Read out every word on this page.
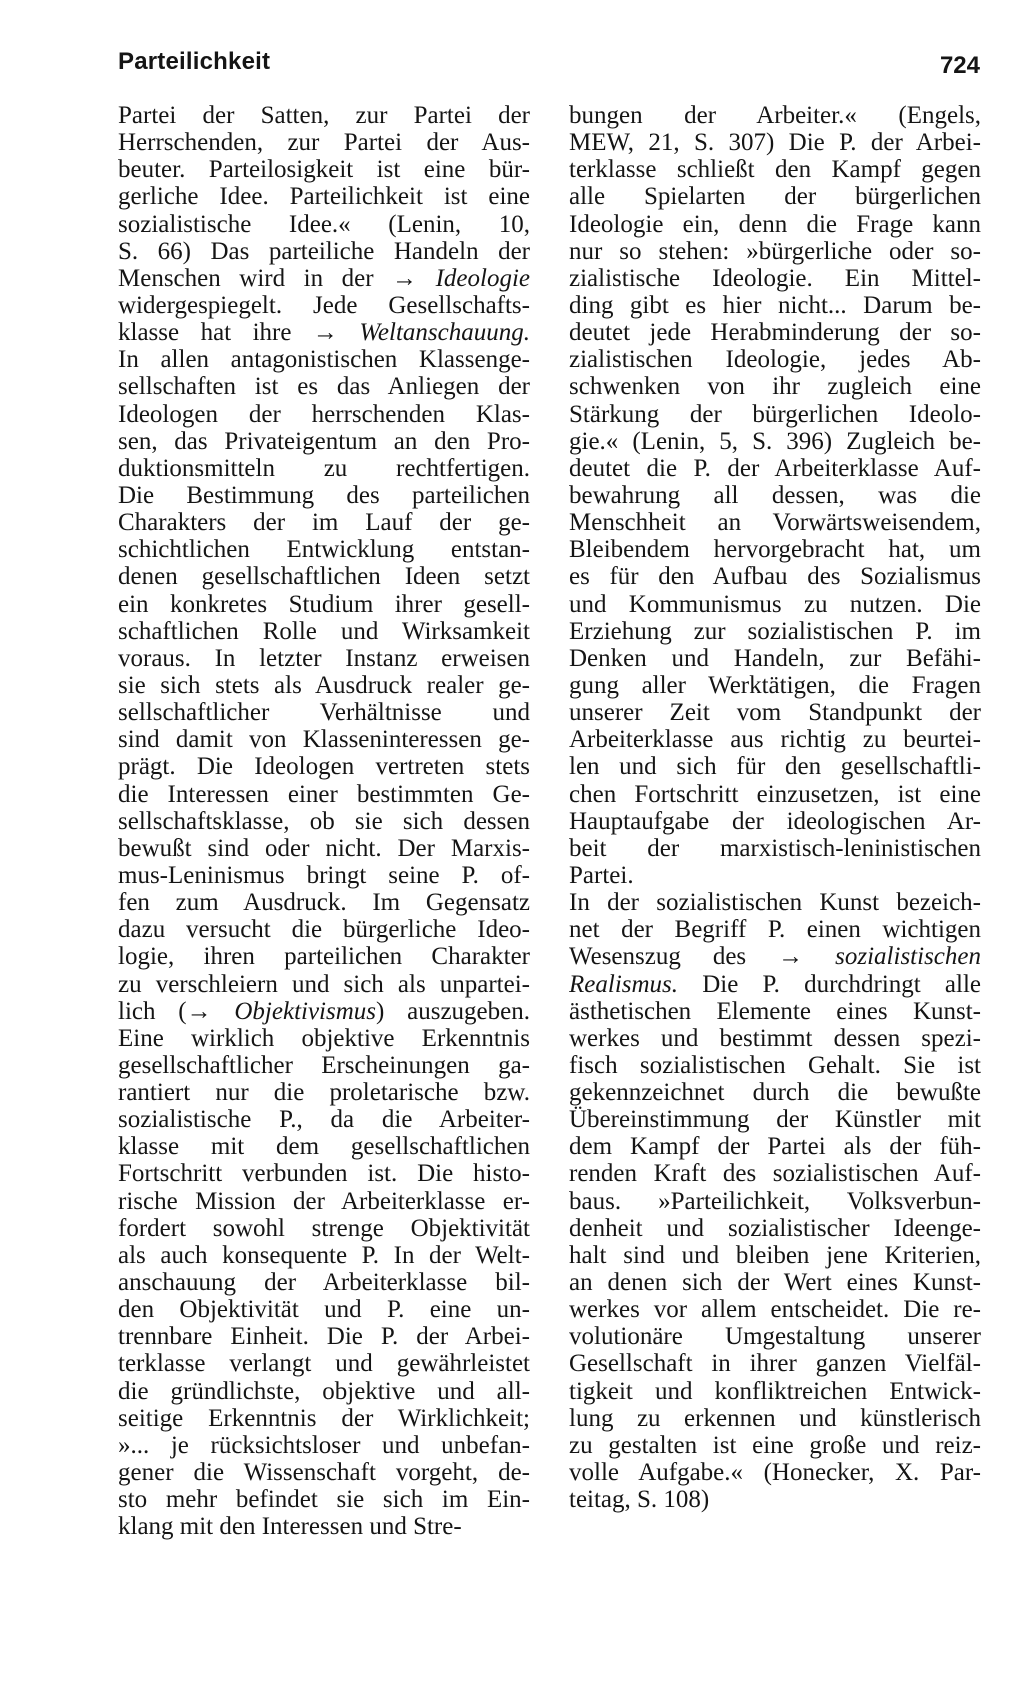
Parteilichkeit	724
Partei der Satten, zur Partei der
Herrschenden, zur Partei der Aus-
beuter. Parteilosigkeit ist eine bür-
gerliche Idee. Parteilichkeit ist eine
sozialistische Idee.« (Lenin, 10,
S. 66) Das parteiliche Handeln der
Menschen wird in der → Ideologie
widergespiegelt. Jede Gesellschafts-
klasse hat ihre → Weltanschauung.
In allen antagonistischen Klassenge-
sellschaften ist es das Anliegen der
Ideologen der herrschenden Klas-
sen, das Privateigentum an den Pro-
duktionsmitteln zu rechtfertigen.
Die Bestimmung des parteilichen
Charakters der im Lauf der ge-
schichtlichen Entwicklung entstan-
denen gesellschaftlichen Ideen setzt
ein konkretes Studium ihrer gesell-
schaftlichen Rolle und Wirksamkeit
voraus. In letzter Instanz erweisen
sie sich stets als Ausdruck realer ge-
sellschaftlicher Verhältnisse und
sind damit von Klasseninteressen ge-
prägt. Die Ideologen vertreten stets
die Interessen einer bestimmten Ge-
sellschaftsklasse, ob sie sich dessen
bewußt sind oder nicht. Der Marxis-
mus-Leninismus bringt seine P. of-
fen zum Ausdruck. Im Gegensatz
dazu versucht die bürgerliche Ideo-
logie, ihren parteilichen Charakter
zu verschleiern und sich als unpartei-
lich (→ Objektivismus) auszugeben.
Eine wirklich objektive Erkenntnis
gesellschaftlicher Erscheinungen ga-
rantiert nur die proletarische bzw.
sozialistische P., da die Arbeiter-
klasse mit dem gesellschaftlichen
Fortschritt verbunden ist. Die histo-
rische Mission der Arbeiterklasse er-
fordert sowohl strenge Objektivität
als auch konsequente P. In der Welt-
anschauung der Arbeiterklasse bil-
den Objektivität und P. eine un-
trennbare Einheit. Die P. der Arbei-
terklasse verlangt und gewährleistet
die gründlichste, objektive und all-
seitige Erkenntnis der Wirklichkeit;
»... je rücksichtsloser und unbefan-
gener die Wissenschaft vorgeht, de-
sto mehr befindet sie sich im Ein-
klang mit den Interessen und Stre-
bungen der Arbeiter.« (Engels,
MEW, 21, S. 307) Die P. der Arbei-
terklasse schließt den Kampf gegen
alle Spielarten der bürgerlichen
Ideologie ein, denn die Frage kann
nur so stehen: »bürgerliche oder so-
zialistische Ideologie. Ein Mittel-
ding gibt es hier nicht... Darum be-
deutet jede Herabminderung der so-
zialistischen Ideologie, jedes Ab-
schwenken von ihr zugleich eine
Stärkung der bürgerlichen Ideolo-
gie.« (Lenin, 5, S. 396) Zugleich be-
deutet die P. der Arbeiterklasse Auf-
bewahrung all dessen, was die
Menschheit an Vorwärtsweisendem,
Bleibendem hervorgebracht hat, um
es für den Aufbau des Sozialismus
und Kommunismus zu nutzen. Die
Erziehung zur sozialistischen P. im
Denken und Handeln, zur Befähi-
gung aller Werktätigen, die Fragen
unserer Zeit vom Standpunkt der
Arbeiterklasse aus richtig zu beurtei-
len und sich für den gesellschaftli-
chen Fortschritt einzusetzen, ist eine
Hauptaufgabe der ideologischen Ar-
beit der marxistisch-leninistischen
Partei.
In der sozialistischen Kunst bezeich-
net der Begriff P. einen wichtigen
Wesenszug des → sozialistischen
Realismus. Die P. durchdringt alle
ästhetischen Elemente eines Kunst-
werkes und bestimmt dessen spezi-
fisch sozialistischen Gehalt. Sie ist
gekennzeichnet durch die bewußte
Übereinstimmung der Künstler mit
dem Kampf der Partei als der füh-
renden Kraft des sozialistischen Auf-
baus. »Parteilichkeit, Volksverbun-
denheit und sozialistischer Ideenge-
halt sind und bleiben jene Kriterien,
an denen sich der Wert eines Kunst-
werkes vor allem entscheidet. Die re-
volutionäre Umgestaltung unserer
Gesellschaft in ihrer ganzen Vielfäl-
tigkeit und konfliktreichen Entwick-
lung zu erkennen und künstlerisch
zu gestalten ist eine große und reiz-
volle Aufgabe.« (Honecker, X. Par-
teitag, S. 108)
